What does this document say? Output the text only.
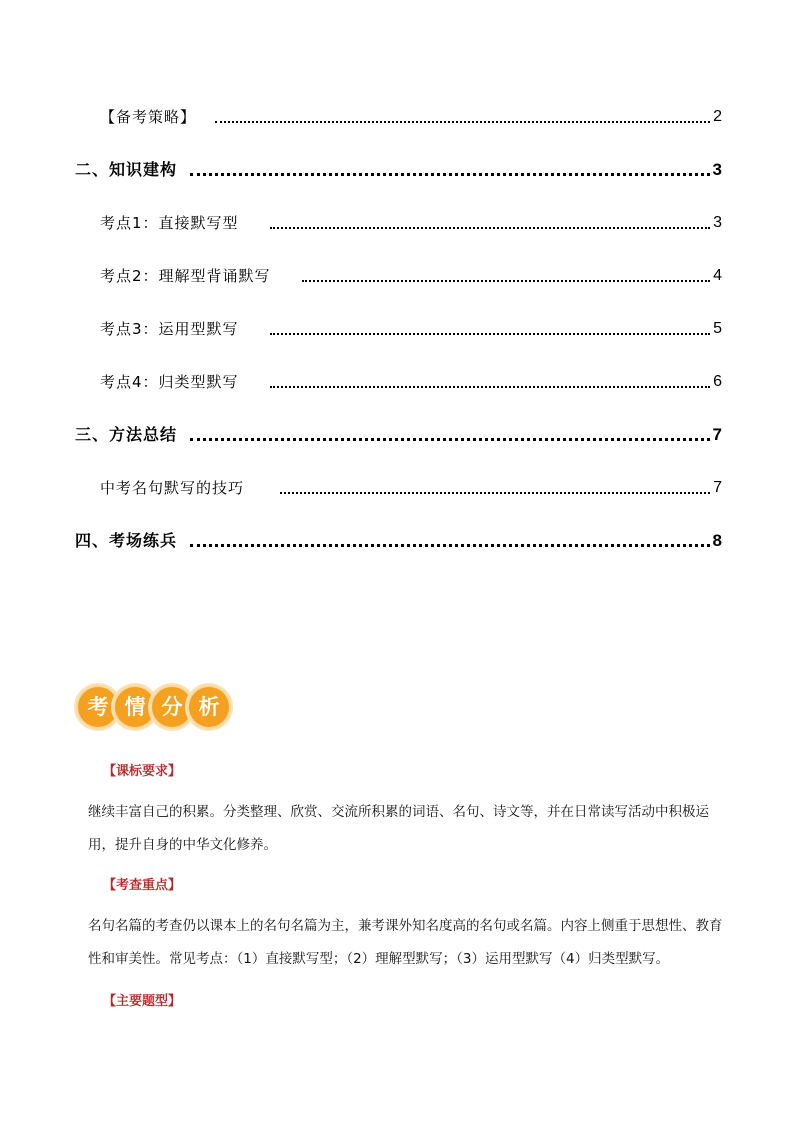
【备考策略】	2
二、知识建构	3
考点1：直接默写型	3
考点2：理解型背诵默写	4
考点3：运用型默写	5
考点4：归类型默写	6
三、方法总结	7
中考名句默写的技巧	7
四、考场练兵	8
考 情 分 析
【课标要求】
继续丰富自己的积累。分类整理、欣赏、交流所积累的词语、名句、诗文等，并在日常读写活动中积极运用，提升自身的中华文化修养。
【考查重点】
名句名篇的考查仍以课本上的名句名篇为主，兼考课外知名度高的名句或名篇。内容上侧重于思想性、教育性和审美性。常见考点：（1）直接默写型；（2）理解型默写；（3）运用型默写（4）归类型默写。
【主要题型】
